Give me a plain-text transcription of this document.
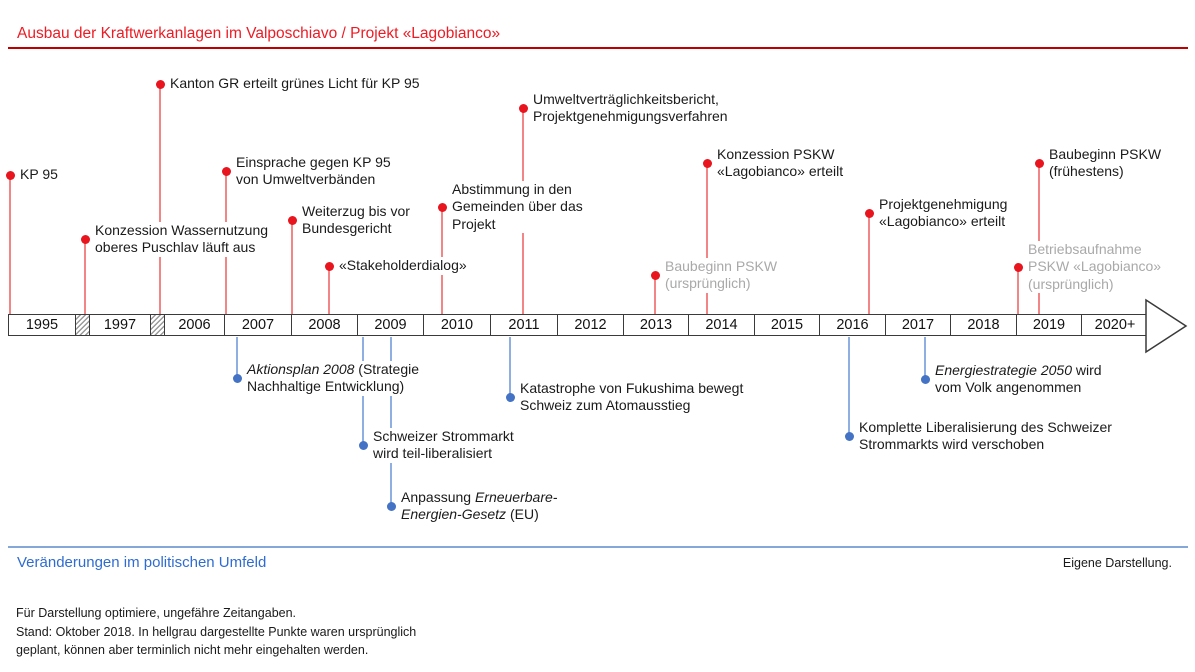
Ausbau der Kraftwerkanlagen im Valposchiavo / Projekt «Lagobianco»
KP 95
Konzession Wassernutzung
oberes Puschlav läuft aus
Kanton GR erteilt grünes Licht für KP 95
Einsprache gegen KP 95
von Umweltverbänden
Weiterzug bis vor
Bundesgericht
«Stakeholderdialog»
Abstimmung in den
Gemeinden über das
Projekt
Umweltverträglichkeitsbericht,
Projektgenehmigungsverfahren
Baubeginn PSKW
(ursprünglich)
Konzession PSKW
«Lagobianco» erteilt
Projektgenehmigung
«Lagobianco» erteilt
Baubeginn PSKW
(frühestens)
Betriebsaufnahme
PSKW «Lagobianco»
(ursprünglich)
Aktionsplan 2008 (Strategie
Nachhaltige Entwicklung)
Schweizer Strommarkt
wird teil-liberalisiert
Anpassung Erneuerbare-
Energien-Gesetz (EU)
Katastrophe von Fukushima bewegt
Schweiz zum Atomausstieg
Komplette Liberalisierung des Schweizer
Strommarkts wird verschoben
Energiestrategie 2050 wird
vom Volk angenommen
1995	1997	2006	2007	2008	2009	2010	2011	2012	2013	2014	2015	2016	2017	2018	2019	2020+
Veränderungen im politischen Umfeld	Eigene Darstellung.
Für Darstellung optimiere, ungefähre Zeitangaben.
Stand: Oktober 2018. In hellgrau dargestellte Punkte waren ursprünglich
geplant, können aber terminlich nicht mehr eingehalten werden.
